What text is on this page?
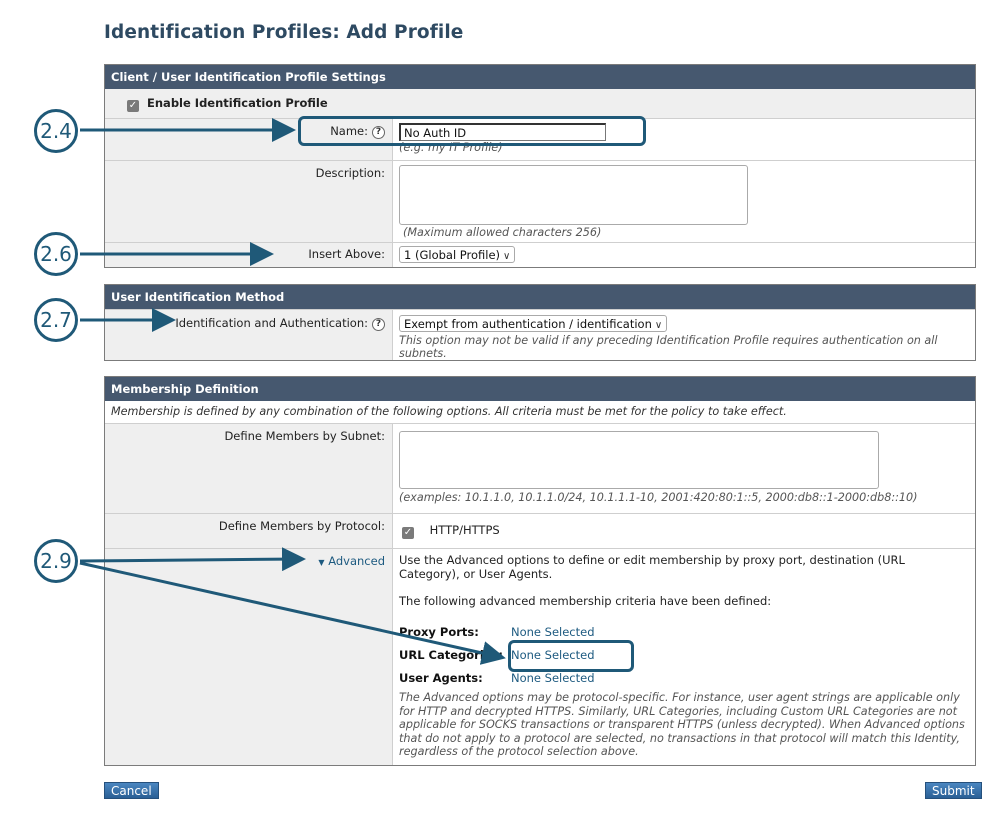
Identification Profiles: Add Profile
Client / User Identification Profile Settings
✓ Enable Identification Profile
Name: ?
No Auth ID
(e.g. my IT Profile)
Description:
(Maximum allowed characters 256)
Insert Above:	1 (Global Profile) ∨
User Identification Method
Identification and Authentication: ?	Exempt from authentication / identification ∨
This option may not be valid if any preceding Identification Profile requires authentication on all subnets.
Membership Definition
Membership is defined by any combination of the following options. All criteria must be met for the policy to take effect.
Define Members by Subnet:
(examples: 10.1.1.0, 10.1.1.0/24, 10.1.1.1-10, 2001:420:80:1::5, 2000:db8::1-2000:db8::10)
Define Members by Protocol:	✓ HTTP/HTTPS
▼ Advanced	Use the Advanced options to define or edit membership by proxy port, destination (URL Category), or User Agents.
The following advanced membership criteria have been defined:
Proxy Ports:	None Selected
URL Categories: None Selected
User Agents:	None Selected
The Advanced options may be protocol-specific. For instance, user agent strings are applicable only for HTTP and decrypted HTTPS. Similarly, URL Categories, including Custom URL Categories are not applicable for SOCKS transactions or transparent HTTPS (unless decrypted). When Advanced options that do not apply to a protocol are selected, no transactions in that protocol will match this Identity, regardless of the protocol selection above.
Cancel	Submit
2.4
2.6
2.7
2.9
